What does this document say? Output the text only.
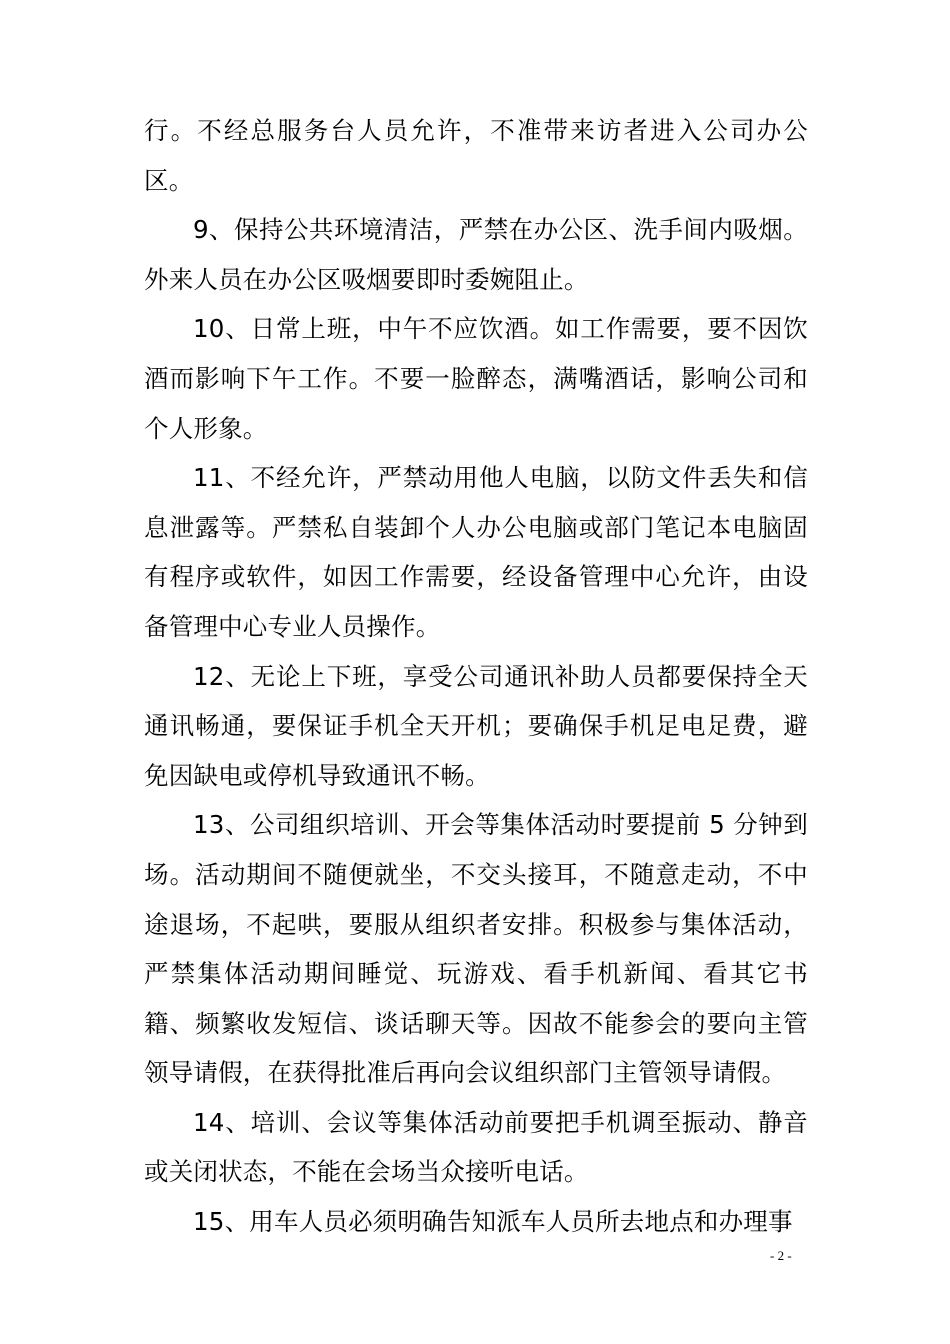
行。不经总服务台人员允许，不准带来访者进入公司办公区。

9、保持公共环境清洁，严禁在办公区、洗手间内吸烟。外来人员在办公区吸烟要即时委婉阻止。

10、日常上班，中午不应饮酒。如工作需要，要不因饮酒而影响下午工作。不要一脸醉态，满嘴酒话，影响公司和个人形象。

11、不经允许，严禁动用他人电脑，以防文件丢失和信息泄露等。严禁私自装卸个人办公电脑或部门笔记本电脑固有程序或软件，如因工作需要，经设备管理中心允许，由设备管理中心专业人员操作。

12、无论上下班，享受公司通讯补助人员都要保持全天通讯畅通，要保证手机全天开机；要确保手机足电足费，避免因缺电或停机导致通讯不畅。

13、公司组织培训、开会等集体活动时要提前 5 分钟到场。活动期间不随便就坐，不交头接耳，不随意走动，不中途退场，不起哄，要服从组织者安排。积极参与集体活动，严禁集体活动期间睡觉、玩游戏、看手机新闻、看其它书籍、频繁收发短信、谈话聊天等。因故不能参会的要向主管领导请假，在获得批准后再向会议组织部门主管领导请假。

14、培训、会议等集体活动前要把手机调至振动、静音或关闭状态，不能在会场当众接听电话。

15、用车人员必须明确告知派车人员所去地点和办理事

- 2 -
